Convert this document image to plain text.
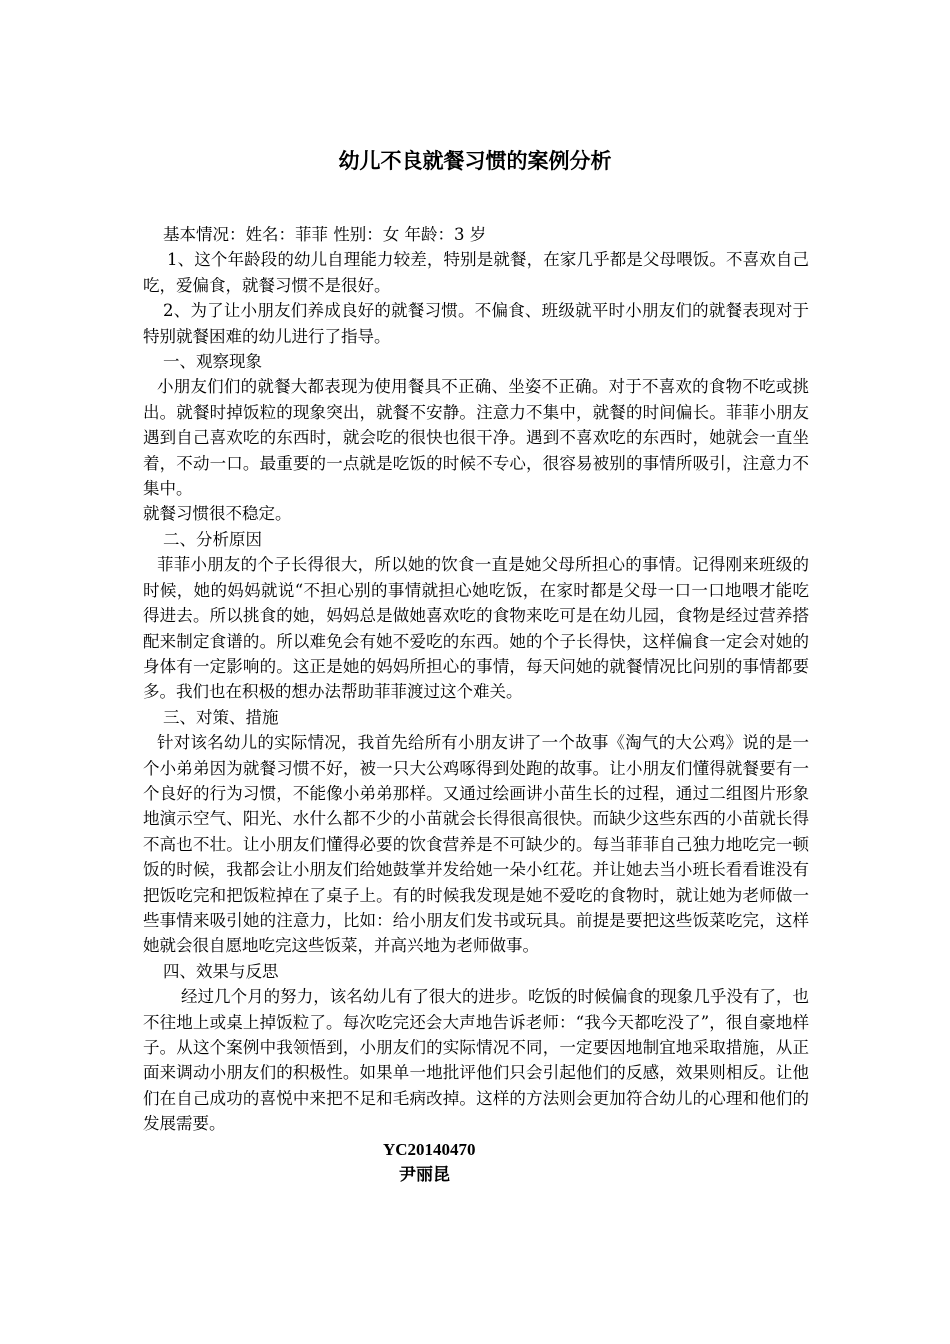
幼儿不良就餐习惯的案例分析

基本情况：姓名：菲菲 性别：女 年龄：3 岁

1、这个年龄段的幼儿自理能力较差，特别是就餐，在家几乎都是父母喂饭。不喜欢自己吃，爱偏食，就餐习惯不是很好。

2、为了让小朋友们养成良好的就餐习惯。不偏食、班级就平时小朋友们的就餐表现对于特别就餐困难的幼儿进行了指导。

一、观察现象

小朋友们们的就餐大都表现为使用餐具不正确、坐姿不正确。对于不喜欢的食物不吃或挑出。就餐时掉饭粒的现象突出，就餐不安静。注意力不集中，就餐的时间偏长。菲菲小朋友遇到自己喜欢吃的东西时，就会吃的很快也很干净。遇到不喜欢吃的东西时，她就会一直坐着，不动一口。最重要的一点就是吃饭的时候不专心，很容易被别的事情所吸引，注意力不集中。

就餐习惯很不稳定。

二、分析原因

菲菲小朋友的个子长得很大，所以她的饮食一直是她父母所担心的事情。记得刚来班级的时候，她的妈妈就说“不担心别的事情就担心她吃饭，在家时都是父母一口一口地喂才能吃得进去。所以挑食的她，妈妈总是做她喜欢吃的食物来吃可是在幼儿园，食物是经过营养搭配来制定食谱的。所以难免会有她不爱吃的东西。她的个子长得快，这样偏食一定会对她的身体有一定影响的。这正是她的妈妈所担心的事情，每天问她的就餐情况比问别的事情都要多。我们也在积极的想办法帮助菲菲渡过这个难关。

三、对策、措施

针对该名幼儿的实际情况，我首先给所有小朋友讲了一个故事《淘气的大公鸡》说的是一个小弟弟因为就餐习惯不好，被一只大公鸡啄得到处跑的故事。让小朋友们懂得就餐要有一个良好的行为习惯，不能像小弟弟那样。又通过绘画讲小苗生长的过程，通过二组图片形象地演示空气、阳光、水什么都不少的小苗就会长得很高很快。而缺少这些东西的小苗就长得不高也不壮。让小朋友们懂得必要的饮食营养是不可缺少的。每当菲菲自己独力地吃完一顿饭的时候，我都会让小朋友们给她鼓掌并发给她一朵小红花。并让她去当小班长看看谁没有把饭吃完和把饭粒掉在了桌子上。有的时候我发现是她不爱吃的食物时，就让她为老师做一些事情来吸引她的注意力，比如：给小朋友们发书或玩具。前提是要把这些饭菜吃完，这样她就会很自愿地吃完这些饭菜，并高兴地为老师做事。

四、效果与反思

经过几个月的努力，该名幼儿有了很大的进步。吃饭的时候偏食的现象几乎没有了，也不往地上或桌上掉饭粒了。每次吃完还会大声地告诉老师：“我今天都吃没了”，很自豪地样子。从这个案例中我领悟到，小朋友们的实际情况不同，一定要因地制宜地采取措施，从正面来调动小朋友们的积极性。如果单一地批评他们只会引起他们的反感，效果则相反。让他们在自己成功的喜悦中来把不足和毛病改掉。这样的方法则会更加符合幼儿的心理和他们的发展需要。

YC20140470

尹丽昆
